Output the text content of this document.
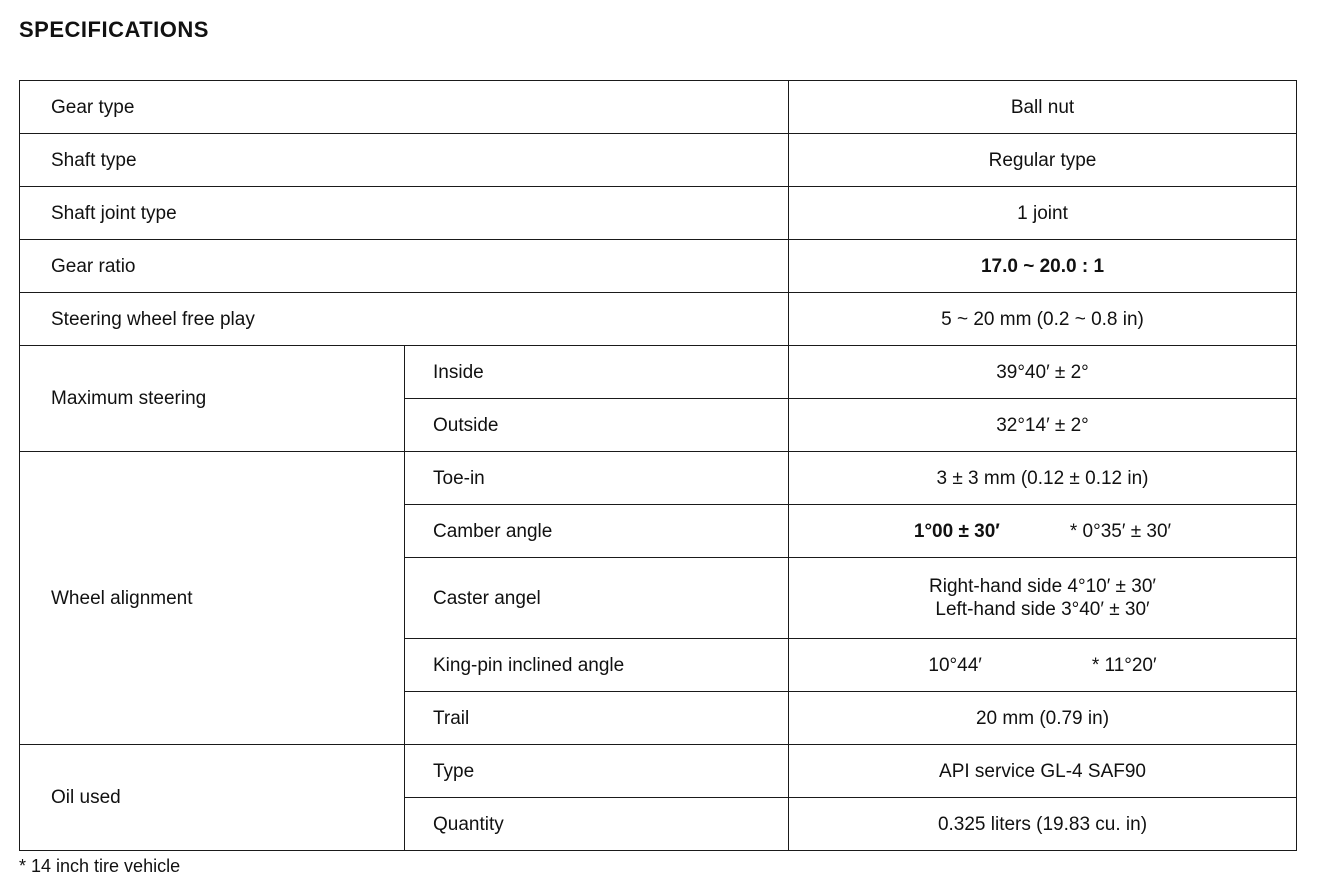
SPECIFICATIONS
Gear type		Ball nut
Shaft type		Regular type
Shaft joint type		1 joint
Gear ratio		17.0 ~ 20.0 : 1
Steering wheel free play		5 ~ 20 mm (0.2 ~ 0.8 in)
Maximum steering	Inside	39°40′ ± 2°
	Outside	32°14′ ± 2°
Wheel alignment	Toe-in	3 ± 3 mm (0.12 ± 0.12 in)
	Camber angle	1°00 ± 30′ * 0°35′ ± 30′
	Caster angel	Right-hand side 4°10′ ± 30′
Left-hand side 3°40′ ± 30′

	King-pin inclined angle	10°44′ * 11°20′
	Trail	20 mm (0.79 in)
Oil used	Type	API service GL-4 SAF90
	Quantity	0.325 liters (19.83 cu. in)
* 14 inch tire vehicle
